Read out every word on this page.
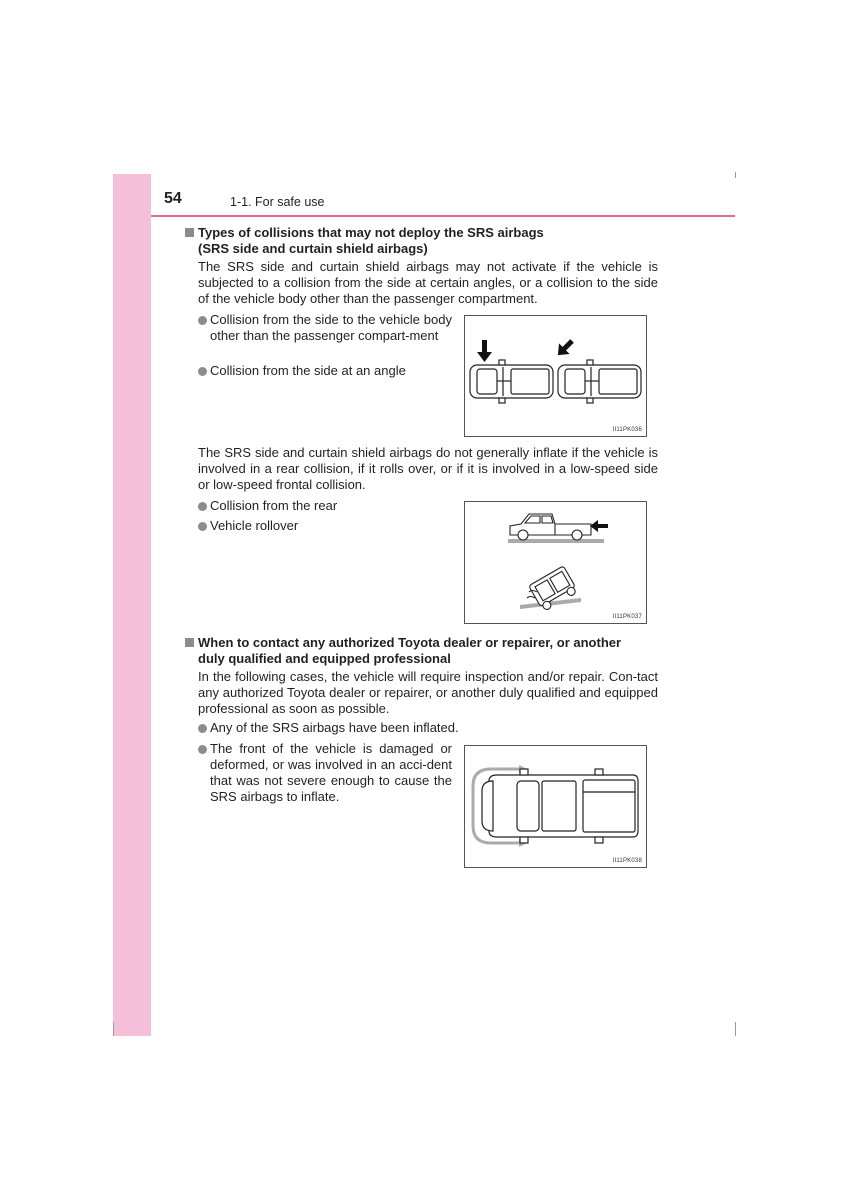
54	1-1. For safe use
Types of collisions that may not deploy the SRS airbags
(SRS side and curtain shield airbags)

The SRS side and curtain shield airbags may not activate if the vehicle is subjected to a collision from the side at certain angles, or a collision to the side of the vehicle body other than the passenger compartment.

Collision from the side to the vehicle body other than the passenger compart-ment
Collision from the side at an angle
II11PK036

The SRS side and curtain shield airbags do not generally inflate if the vehicle is involved in a rear collision, if it rolls over, or if it is involved in a low-speed side or low-speed frontal collision.

Collision from the rear
Vehicle rollover
II11PK037
When to contact any authorized Toyota dealer or repairer, or another
duly qualified and equipped professional

In the following cases, the vehicle will require inspection and/or repair. Con-tact any authorized Toyota dealer or repairer, or another duly qualified and equipped professional as soon as possible.

Any of the SRS airbags have been inflated.
The front of the vehicle is damaged or deformed, or was involved in an acci-dent that was not severe enough to cause the SRS airbags to inflate.
II11PK038
